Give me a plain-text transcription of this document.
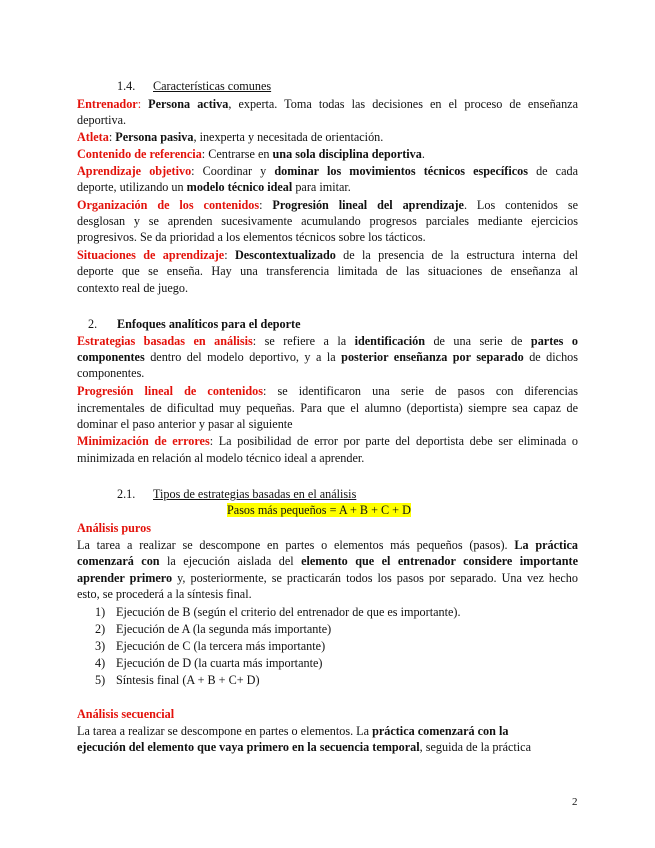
1.4. Características comunes
Entrenador: Persona activa, experta. Toma todas las decisiones en el proceso de enseñanza
deportiva.
Atleta: Persona pasiva, inexperta y necesitada de orientación.
Contenido de referencia: Centrarse en una sola disciplina deportiva.
Aprendizaje objetivo: Coordinar y dominar los movimientos técnicos específicos de cada
deporte, utilizando un modelo técnico ideal para imitar.
Organización de los contenidos: Progresión lineal del aprendizaje. Los contenidos se
desglosan y se aprenden sucesivamente acumulando progresos parciales mediante ejercicios
progresivos. Se da prioridad a los elementos técnicos sobre los tácticos.
Situaciones de aprendizaje: Descontextualizado de la presencia de la estructura interna del
deporte que se enseña. Hay una transferencia limitada de las situaciones de enseñanza al
contexto real de juego.
2. Enfoques analíticos para el deporte
Estrategias basadas en análisis: se refiere a la identificación de una serie de partes o
componentes dentro del modelo deportivo, y a la posterior enseñanza por separado de dichos
componentes.
Progresión lineal de contenidos: se identificaron una serie de pasos con diferencias
incrementales de dificultad muy pequeñas. Para que el alumno (deportista) siempre sea capaz de
dominar el paso anterior y pasar al siguiente
Minimización de errores: La posibilidad de error por parte del deportista debe ser eliminada o
minimizada en relación al modelo técnico ideal a aprender.
2.1. Tipos de estrategias basadas en el análisis
Pasos más pequeños = A + B + C + D
Análisis puros
La tarea a realizar se descompone en partes o elementos más pequeños (pasos). La práctica
comenzará con la ejecución aislada del elemento que el entrenador considere importante
aprender primero y, posteriormente, se practicarán todos los pasos por separado. Una vez hecho
esto, se procederá a la síntesis final.
1) Ejecución de B (según el criterio del entrenador de que es importante).
2) Ejecución de A (la segunda más importante)
3) Ejecución de C (la tercera más importante)
4) Ejecución de D (la cuarta más importante)
5) Síntesis final (A + B + C+ D)
Análisis secuencial
La tarea a realizar se descompone en partes o elementos. La práctica comenzará con la
ejecución del elemento que vaya primero en la secuencia temporal, seguida de la práctica
2
